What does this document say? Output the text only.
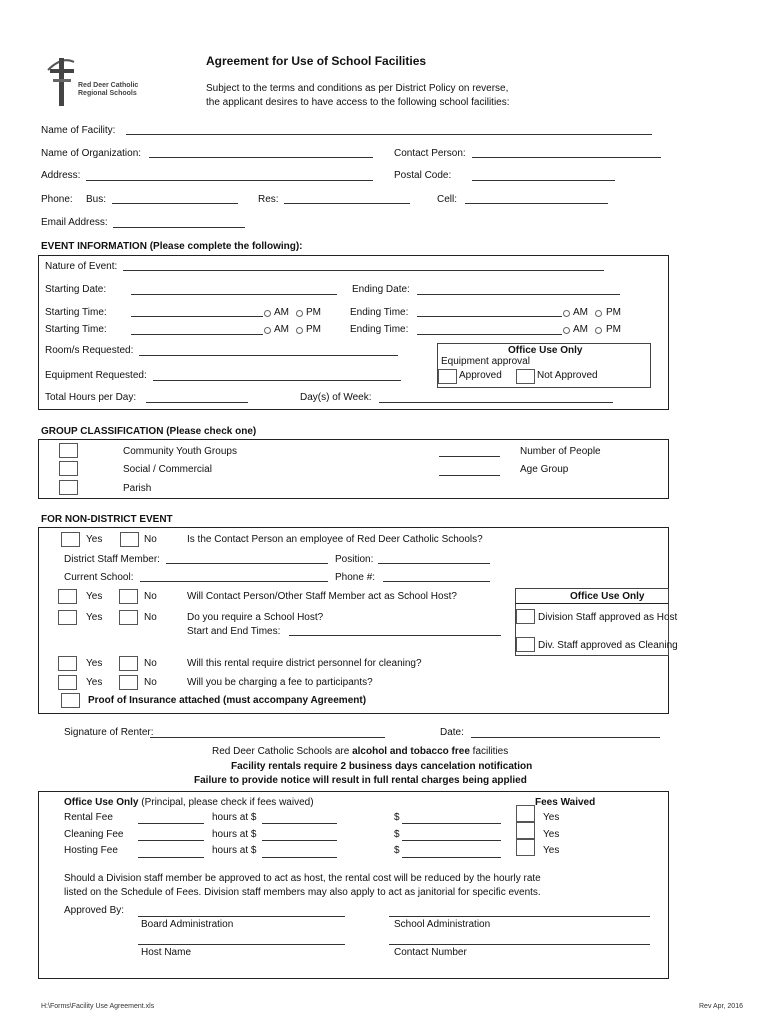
Red Deer Catholic
Regional Schools
Agreement for Use of School Facilities
Subject to the terms and conditions as per District Policy on reverse,
the applicant desires to have access to the following school facilities:
Name of Facility:
Name of Organization:	Contact Person:
Address:	Postal Code:
Phone: Bus:	Res:	Cell:
Email Address:
EVENT INFORMATION (Please complete the following):
Nature of Event:
Starting Date:	Ending Date:
Starting Time:	AM PM	Ending Time:	AM PM
Starting Time:	AM PM	Ending Time:	AM PM
Room/s Requested:
Equipment Requested:
Office Use Only
Equipment approval
Approved	Not Approved
Total Hours per Day:	Day(s) of Week:
GROUP CLASSIFICATION (Please check one)
Community Youth Groups
Social / Commercial
Parish
Number of People
Age Group
FOR NON-DISTRICT EVENT
Yes	No	Is the Contact Person an employee of Red Deer Catholic Schools?
District Staff Member:	Position:
Current School:	Phone #:
Yes	No	Will Contact Person/Other Staff Member act as School Host?
Yes	No	Do you require a School Host?
Start and End Times:
Office Use Only
Division Staff approved as Host
Div. Staff approved as Cleaning
Yes	No	Will this rental require district personnel for cleaning?
Yes	No	Will you be charging a fee to participants?
Proof of Insurance attached (must accompany Agreement)
Signature of Renter:	Date:
Red Deer Catholic Schools are alcohol and tobacco free facilities
Facility rentals require 2 business days cancelation notification
Failure to provide notice will result in full rental charges being applied
Office Use Only (Principal, please check if fees waived)	Fees Waived
Rental Fee	hours at $	$	Yes
Cleaning Fee	hours at $	$	Yes
Hosting Fee	hours at $	$	Yes
Should a Division staff member be approved to act as host, the rental cost will be reduced by the hourly rate
listed on the Schedule of Fees. Division staff members may also apply to act as janitorial for specific events.
Approved By:
Board Administration	School Administration
Host Name	Contact Number
H:\Forms\Facility Use Agreement.xls	Rev Apr, 2016
